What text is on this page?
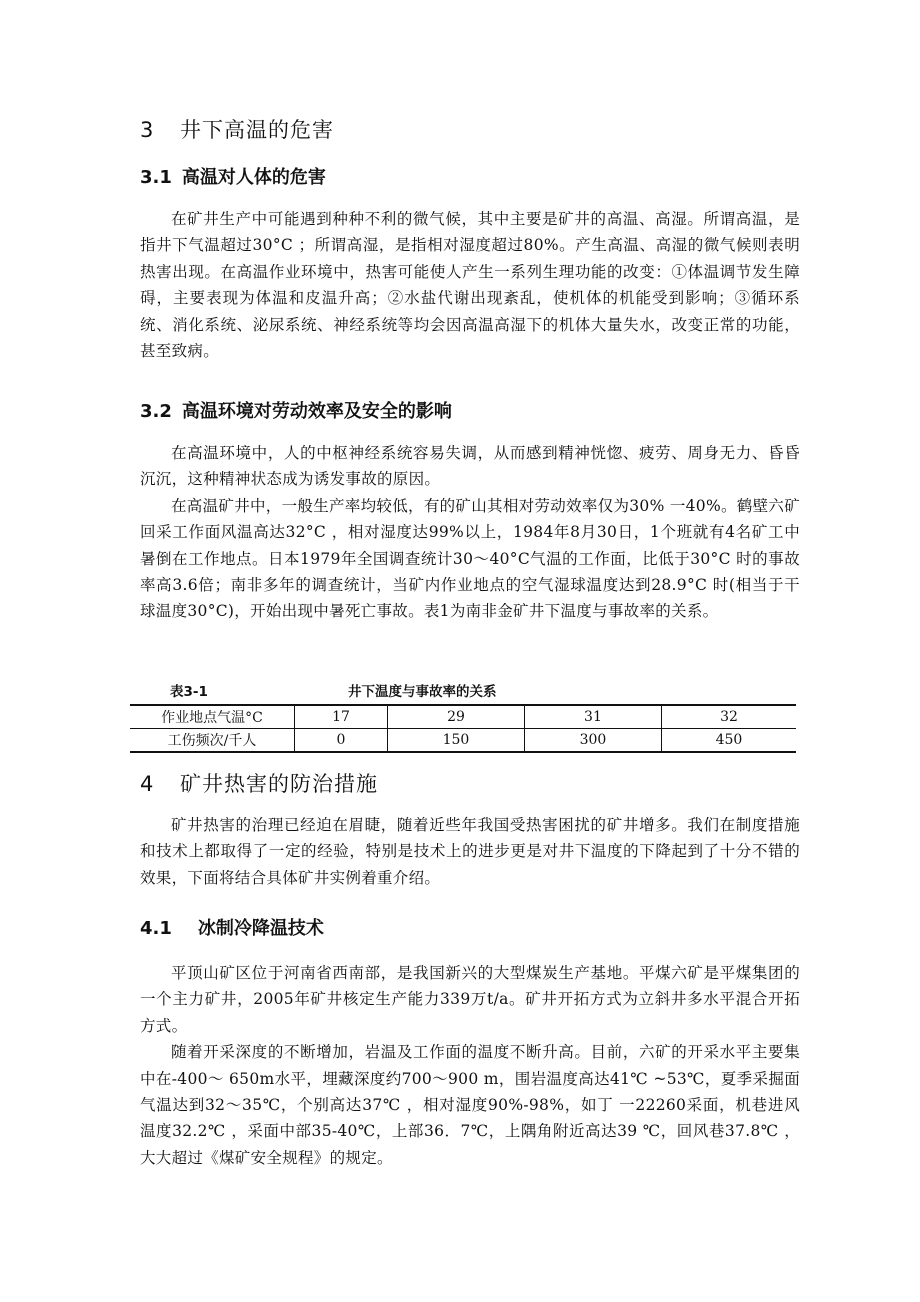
3 井下高温的危害
3.1 高温对人体的危害

在矿井生产中可能遇到种种不利的微气候，其中主要是矿井的高温、高湿。所谓高温，是指井下气温超过30°C ；所谓高湿，是指相对湿度超过80%。产生高温、高湿的微气候则表明热害出现。在高温作业环境中，热害可能使人产生一系列生理功能的改变：①体温调节发生障碍，主要表现为体温和皮温升高；②水盐代谢出现紊乱，使机体的机能受到影响；③循环系统、消化系统、泌尿系统、神经系统等均会因高温高湿下的机体大量失水，改变正常的功能，甚至致病。

3.2 高温环境对劳动效率及安全的影响

在高温环境中，人的中枢神经系统容易失调，从而感到精神恍惚、疲劳、周身无力、昏昏沉沉，这种精神状态成为诱发事故的原因。

在高温矿井中，一般生产率均较低，有的矿山其相对劳动效率仅为30% 一40%。鹤壁六矿回采工作面风温高达32°C ，相对湿度达99%以上，1984年8月30日，1个班就有4名矿工中暑倒在工作地点。日本1979年全国调查统计30～40°C气温的工作面，比低于30°C 时的事故率高3.6倍；南非多年的调查统计，当矿内作业地点的空气湿球温度达到28.9°C 时(相当于干球温度30°C)，开始出现中暑死亡事故。表1为南非金矿井下温度与事故率的关系。

表3-1	井下温度与事故率的关系
作业地点气温°C	17	29	31	32
工伤频次/千人	0	150	300	450
4 矿井热害的防治措施

矿井热害的治理已经迫在眉睫，随着近些年我国受热害困扰的矿井增多。我们在制度措施和技术上都取得了一定的经验，特别是技术上的进步更是对井下温度的下降起到了十分不错的效果，下面将结合具体矿井实例着重介绍。

4.1 冰制冷降温技术

平顶山矿区位于河南省西南部，是我国新兴的大型煤炭生产基地。平煤六矿是平煤集团的一个主力矿井，2005年矿井核定生产能力339万t/a。矿井开拓方式为立斜井多水平混合开拓方式。

随着开采深度的不断增加，岩温及工作面的温度不断升高。目前，六矿的开采水平主要集中在-400～ 650m水平，埋藏深度约700～900 m，围岩温度高达41℃ ~53℃，夏季采掘面气温达到32～35℃，个别高达37℃ ，相对湿度90%-98%，如丁 一22260采面，机巷进风温度32.2℃ ，采面中部35-40℃，上部36．7℃，上隅角附近高达39 ℃，回风巷37.8℃ ，大大超过《煤矿安全规程》的规定。
